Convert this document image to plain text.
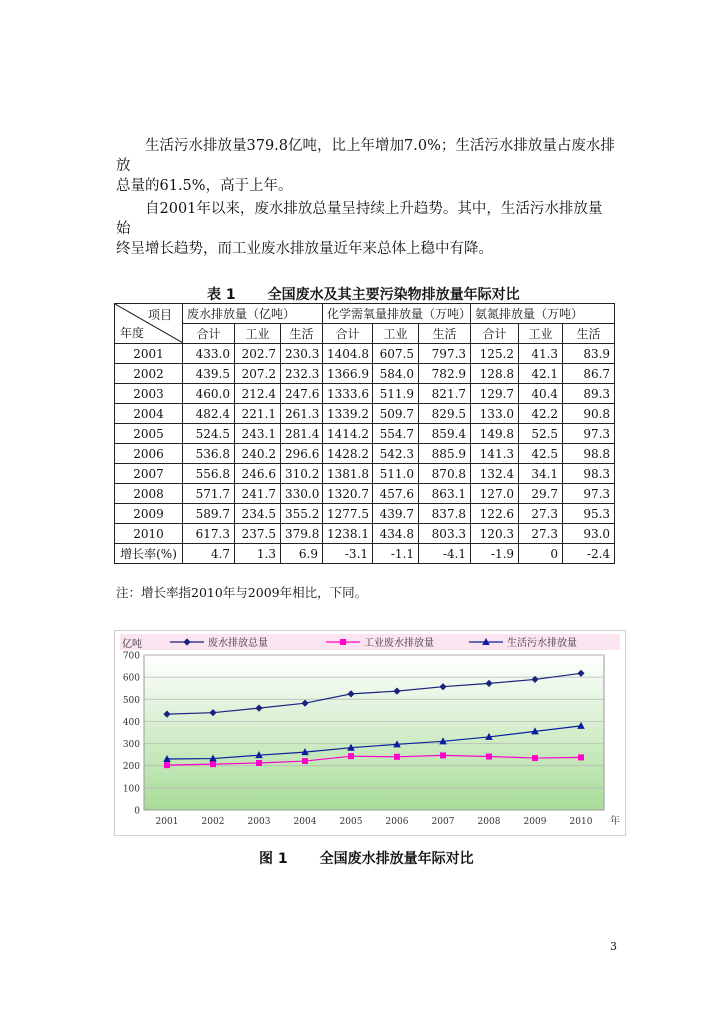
生活污水排放量379.8亿吨，比上年增加7.0%；生活污水排放量占废水排放
总量的61.5%，高于上年。
自2001年以来，废水排放总量呈持续上升趋势。其中，生活污水排放量始
终呈增长趋势，而工业废水排放量近年来总体上稳中有降。
表 1 全国废水及其主要污染物排放量年际对比
项目
年度	废水排放量（亿吨）			化学需氧量排放量（万吨）			氨氮排放量（万吨）		
	合计	工业	生活	合计	工业	生活	合计	工业	生活
2001	433.0	202.7	230.3	1404.8	607.5	797.3	125.2	41.3	83.9
2002	439.5	207.2	232.3	1366.9	584.0	782.9	128.8	42.1	86.7
2003	460.0	212.4	247.6	1333.6	511.9	821.7	129.7	40.4	89.3
2004	482.4	221.1	261.3	1339.2	509.7	829.5	133.0	42.2	90.8
2005	524.5	243.1	281.4	1414.2	554.7	859.4	149.8	52.5	97.3
2006	536.8	240.2	296.6	1428.2	542.3	885.9	141.3	42.5	98.8
2007	556.8	246.6	310.2	1381.8	511.0	870.8	132.4	34.1	98.3
2008	571.7	241.7	330.0	1320.7	457.6	863.1	127.0	29.7	97.3
2009	589.7	234.5	355.2	1277.5	439.7	837.8	122.6	27.3	95.3
2010	617.3	237.5	379.8	1238.1	434.8	803.3	120.3	27.3	93.0
增长率(%)	4.7	1.3	6.9	-3.1	-1.1	-4.1	-1.9	0	-2.4
注：增长率指2010年与2009年相比，下同。
0
100
200
300
400
500
600
700
2001	2002	2003	2004	2005	2006	2007	2008	2009	2010
亿吨
年
废水排放总量	工业废水排放量	生活污水排放量
图 1 全国废水排放量年际对比
3
